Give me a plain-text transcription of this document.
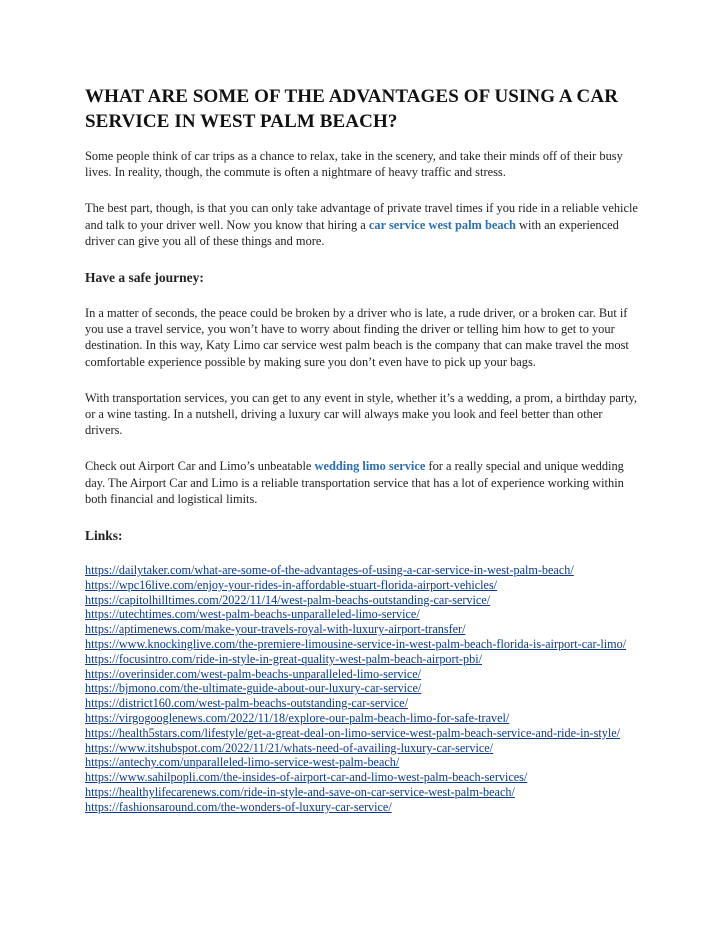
WHAT ARE SOME OF THE ADVANTAGES OF USING A CAR SERVICE IN WEST PALM BEACH?

Some people think of car trips as a chance to relax, take in the scenery, and take their minds off of their busy lives. In reality, though, the commute is often a nightmare of heavy traffic and stress.

The best part, though, is that you can only take advantage of private travel times if you ride in a reliable vehicle and talk to your driver well. Now you know that hiring a car service west palm beach with an experienced driver can give you all of these things and more.

Have a safe journey:

In a matter of seconds, the peace could be broken by a driver who is late, a rude driver, or a broken car. But if you use a travel service, you won’t have to worry about finding the driver or telling him how to get to your destination. In this way, Katy Limo car service west palm beach is the company that can make travel the most comfortable experience possible by making sure you don’t even have to pick up your bags.

With transportation services, you can get to any event in style, whether it’s a wedding, a prom, a birthday party, or a wine tasting. In a nutshell, driving a luxury car will always make you look and feel better than other drivers.

Check out Airport Car and Limo’s unbeatable wedding limo service for a really special and unique wedding day. The Airport Car and Limo is a reliable transportation service that has a lot of experience working within both financial and logistical limits.

Links:
https://dailytaker.com/what-are-some-of-the-advantages-of-using-a-car-service-in-west-palm-beach/
https://wpc16live.com/enjoy-your-rides-in-affordable-stuart-florida-airport-vehicles/
https://capitolhilltimes.com/2022/11/14/west-palm-beachs-outstanding-car-service/
https://utechtimes.com/west-palm-beachs-unparalleled-limo-service/
https://aptimenews.com/make-your-travels-royal-with-luxury-airport-transfer/
https://www.knockinglive.com/the-premiere-limousine-service-in-west-palm-beach-florida-is-airport-car-limo/
https://focusintro.com/ride-in-style-in-great-quality-west-palm-beach-airport-pbi/
https://overinsider.com/west-palm-beachs-unparalleled-limo-service/
https://bjmono.com/the-ultimate-guide-about-our-luxury-car-service/
https://district160.com/west-palm-beachs-outstanding-car-service/
https://virgogooglenews.com/2022/11/18/explore-our-palm-beach-limo-for-safe-travel/
https://health5stars.com/lifestyle/get-a-great-deal-on-limo-service-west-palm-beach-service-and-ride-in-style/
https://www.itshubspot.com/2022/11/21/whats-need-of-availing-luxury-car-service/
https://antechy.com/unparalleled-limo-service-west-palm-beach/
https://www.sahilpopli.com/the-insides-of-airport-car-and-limo-west-palm-beach-services/
https://healthylifecarenews.com/ride-in-style-and-save-on-car-service-west-palm-beach/
https://fashionsaround.com/the-wonders-of-luxury-car-service/
